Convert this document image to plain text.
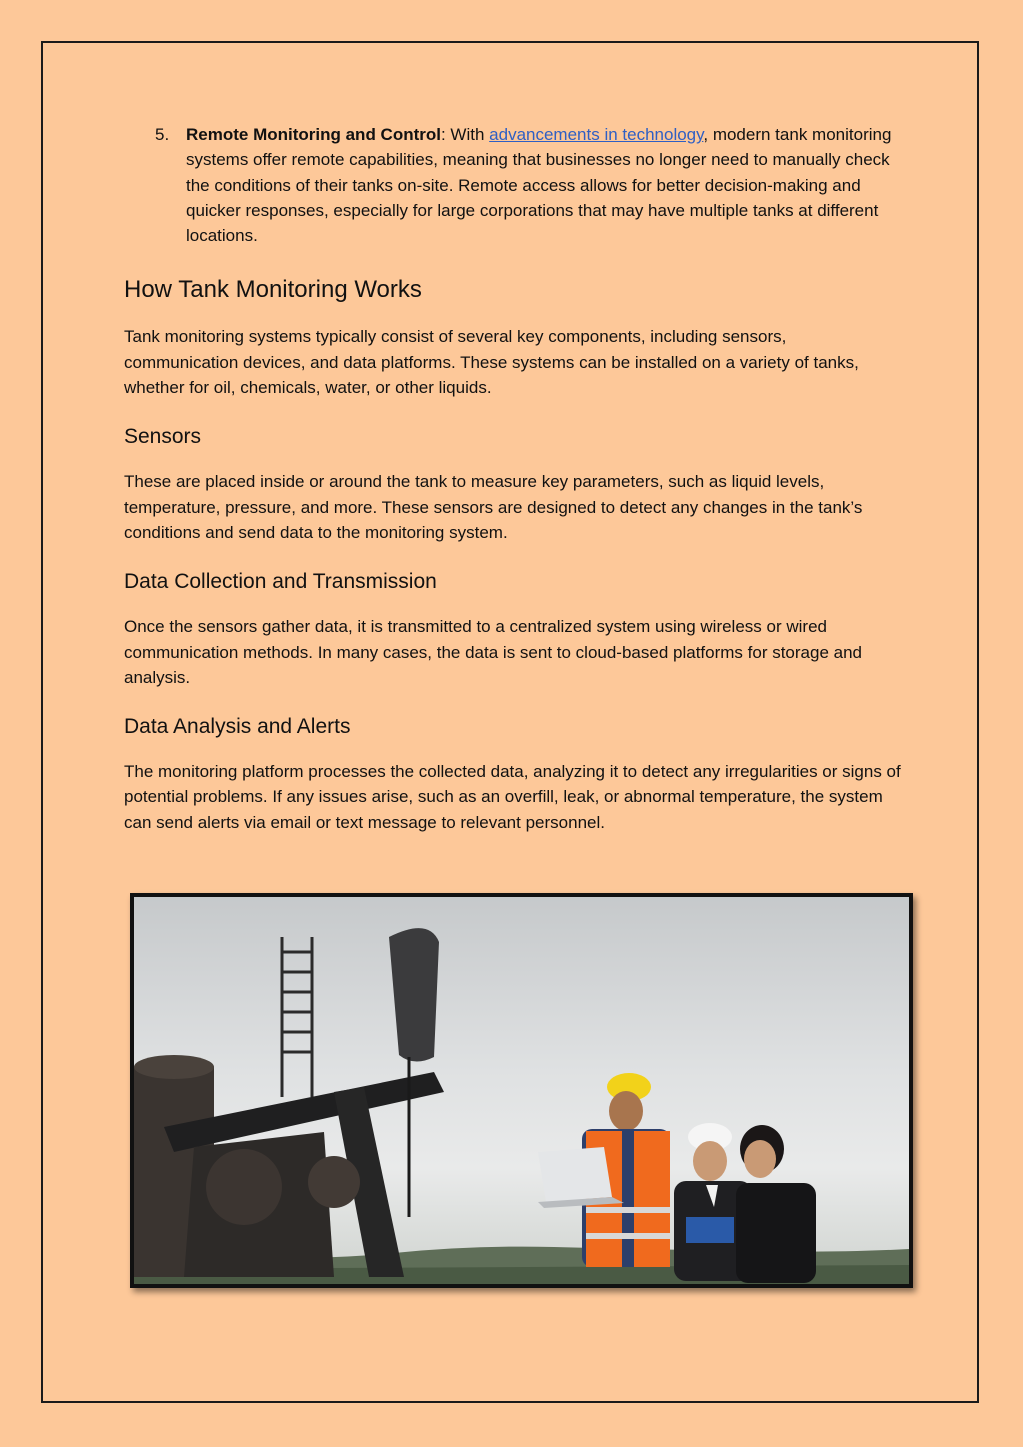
5. Remote Monitoring and Control: With advancements in technology, modern tank monitoring systems offer remote capabilities, meaning that businesses no longer need to manually check the conditions of their tanks on-site. Remote access allows for better decision-making and quicker responses, especially for large corporations that may have multiple tanks at different locations.
How Tank Monitoring Works

Tank monitoring systems typically consist of several key components, including sensors, communication devices, and data platforms. These systems can be installed on a variety of tanks, whether for oil, chemicals, water, or other liquids.

Sensors

These are placed inside or around the tank to measure key parameters, such as liquid levels, temperature, pressure, and more. These sensors are designed to detect any changes in the tank’s conditions and send data to the monitoring system.

Data Collection and Transmission

Once the sensors gather data, it is transmitted to a centralized system using wireless or wired communication methods. In many cases, the data is sent to cloud-based platforms for storage and analysis.

Data Analysis and Alerts

The monitoring platform processes the collected data, analyzing it to detect any irregularities or signs of potential problems. If any issues arise, such as an overfill, leak, or abnormal temperature, the system can send alerts via email or text message to relevant personnel.
